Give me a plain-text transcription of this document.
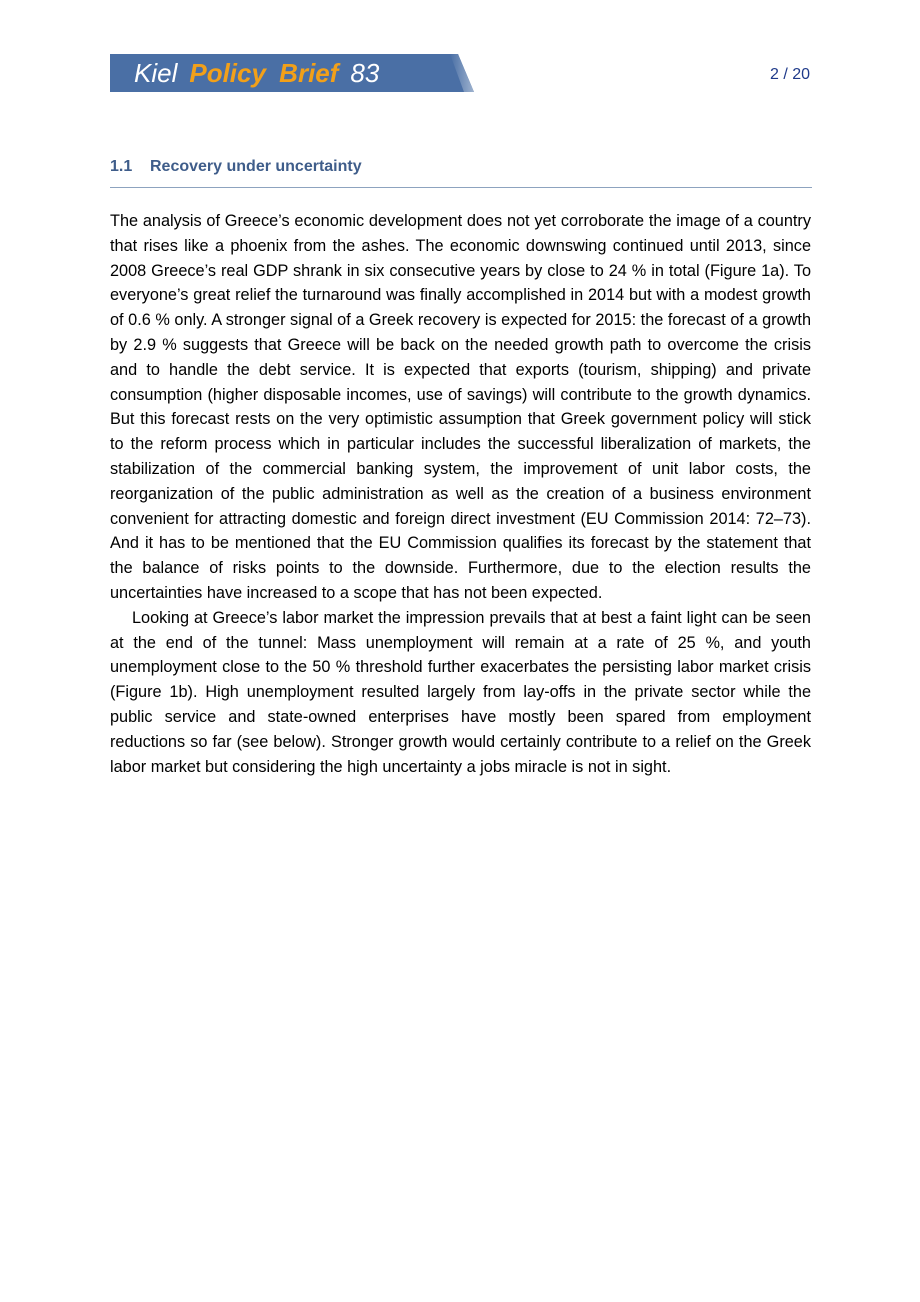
Kiel Policy Brief 83	2 / 20
1.1 Recovery under uncertainty

The analysis of Greece’s economic development does not yet corroborate the image of a country that rises like a phoenix from the ashes. The economic downswing continued until 2013, since 2008 Greece’s real GDP shrank in six consecutive years by close to 24 % in total (Figure 1a). To everyone’s great relief the turnaround was finally accomplished in 2014 but with a modest growth of 0.6 % only. A stronger signal of a Greek recovery is expected for 2015: the forecast of a growth by 2.9 % suggests that Greece will be back on the needed growth path to overcome the crisis and to handle the debt service. It is expected that exports (tourism, shipping) and private consumption (higher disposable incomes, use of savings) will contribute to the growth dynamics. But this forecast rests on the very optimistic assumption that Greek government policy will stick to the reform process which in particular includes the successful liberalization of markets, the stabilization of the commercial banking system, the improvement of unit labor costs, the reorganization of the public administration as well as the creation of a business environment convenient for attracting domestic and foreign direct investment (EU Commission 2014: 72–73). And it has to be mentioned that the EU Commission qualifies its forecast by the statement that the balance of risks points to the downside. Furthermore, due to the election results the uncertainties have increased to a scope that has not been expected.

Looking at Greece’s labor market the impression prevails that at best a faint light can be seen at the end of the tunnel: Mass unemployment will remain at a rate of 25 %, and youth unemployment close to the 50 % threshold further exacerbates the persisting labor market crisis (Figure 1b). High unemployment resulted largely from lay-offs in the private sector while the public service and state-owned enterprises have mostly been spared from employment reductions so far (see below). Stronger growth would certainly contribute to a relief on the Greek labor market but considering the high uncertainty a jobs miracle is not in sight.
